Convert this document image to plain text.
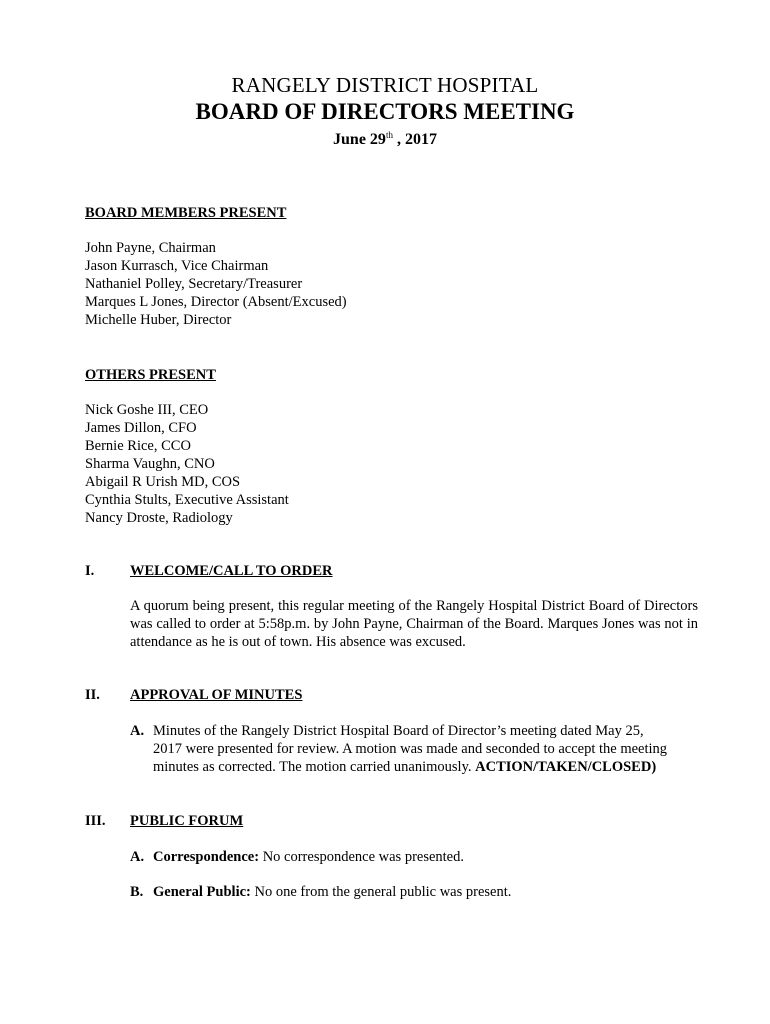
RANGELY DISTRICT HOSPITAL
BOARD OF DIRECTORS MEETING
June 29th , 2017
BOARD MEMBERS PRESENT
John Payne, Chairman
Jason Kurrasch, Vice Chairman
Nathaniel Polley, Secretary/Treasurer
Marques L Jones, Director (Absent/Excused)
Michelle Huber, Director
OTHERS PRESENT
Nick Goshe III, CEO
James Dillon, CFO
Bernie Rice, CCO
Sharma Vaughn, CNO
Abigail R Urish MD, COS
Cynthia Stults, Executive Assistant
Nancy Droste, Radiology
I. WELCOME/CALL TO ORDER
A quorum being present, this regular meeting of the Rangely Hospital District Board of Directors was called to order at 5:58p.m. by John Payne, Chairman of the Board. Marques Jones was not in attendance as he is out of town. His absence was excused.
II. APPROVAL OF MINUTES
A. Minutes of the Rangely District Hospital Board of Director’s meeting dated May 25,
2017 were presented for review. A motion was made and seconded to accept the meeting
minutes as corrected. The motion carried unanimously. ACTION/TAKEN/CLOSED)
III. PUBLIC FORUM
A. Correspondence: No correspondence was presented.
B. General Public: No one from the general public was present.
